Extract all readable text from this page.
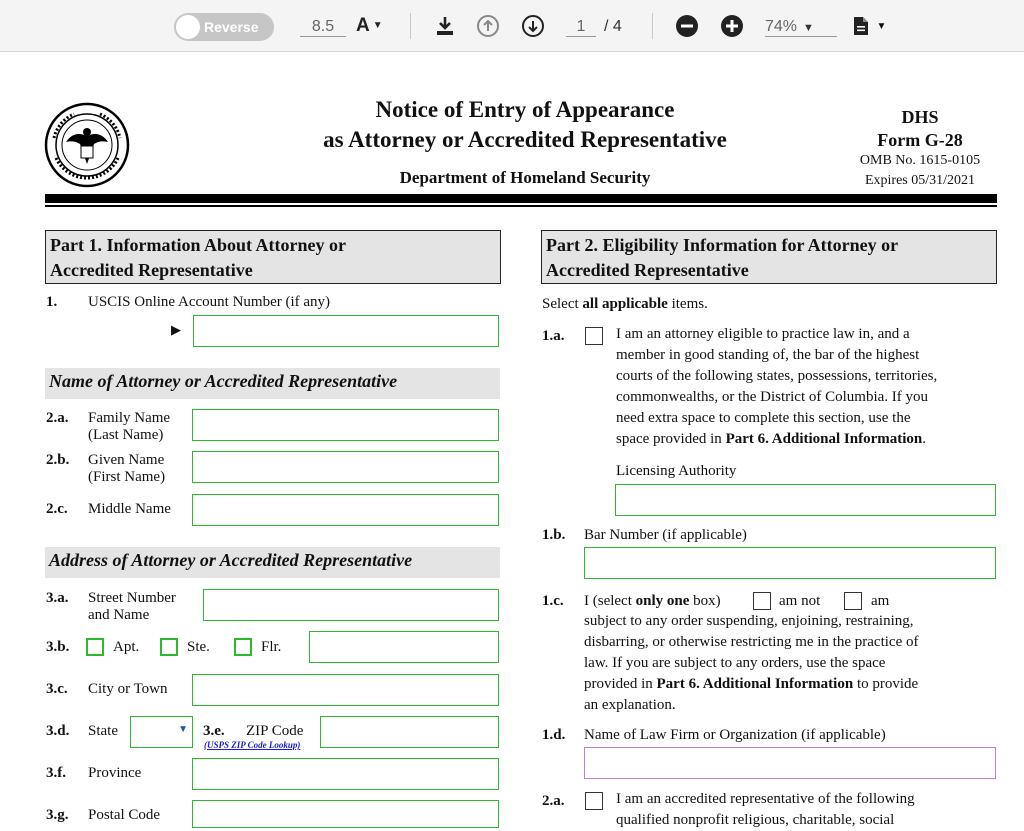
Reverse	8.5	A ▼	1	/ 4	74% ▼	▼
Notice of Entry of Appearance
as Attorney or Accredited Representative
Department of Homeland Security
DHS
Form G-28
OMB No. 1615-0105
Expires 05/31/2021
Part 1. Information About Attorney or
Accredited Representative
1. USCIS Online Account Number (if any)
▶
Name of Attorney or Accredited Representative
2.a. Family Name
(Last Name)
2.b. Given Name
(First Name)
2.c. Middle Name
Address of Attorney or Accredited Representative
3.a. Street Number
and Name
3.b.	Apt.	Ste.	Flr.
3.c. City or Town
3.d. State	▼ 3.e. ZIP Code
(USPS ZIP Code Lookup)
3.f. Province
3.g. Postal Code
Part 2. Eligibility Information for Attorney or
Accredited Representative
Select all applicable items.
1.a.	I am an attorney eligible to practice law in, and a
member in good standing of, the bar of the highest
courts of the following states, possessions, territories,
commonwealths, or the District of Columbia. If you
need extra space to complete this section, use the
space provided in Part 6. Additional Information.
Licensing Authority
1.b. Bar Number (if applicable)
1.c. I (select only one box)	am not	am
subject to any order suspending, enjoining, restraining,
disbarring, or otherwise restricting me in the practice of
law. If you are subject to any orders, use the space
provided in Part 6. Additional Information to provide
an explanation.
1.d. Name of Law Firm or Organization (if applicable)
2.a.	I am an accredited representative of the following
qualified nonprofit religious, charitable, social
